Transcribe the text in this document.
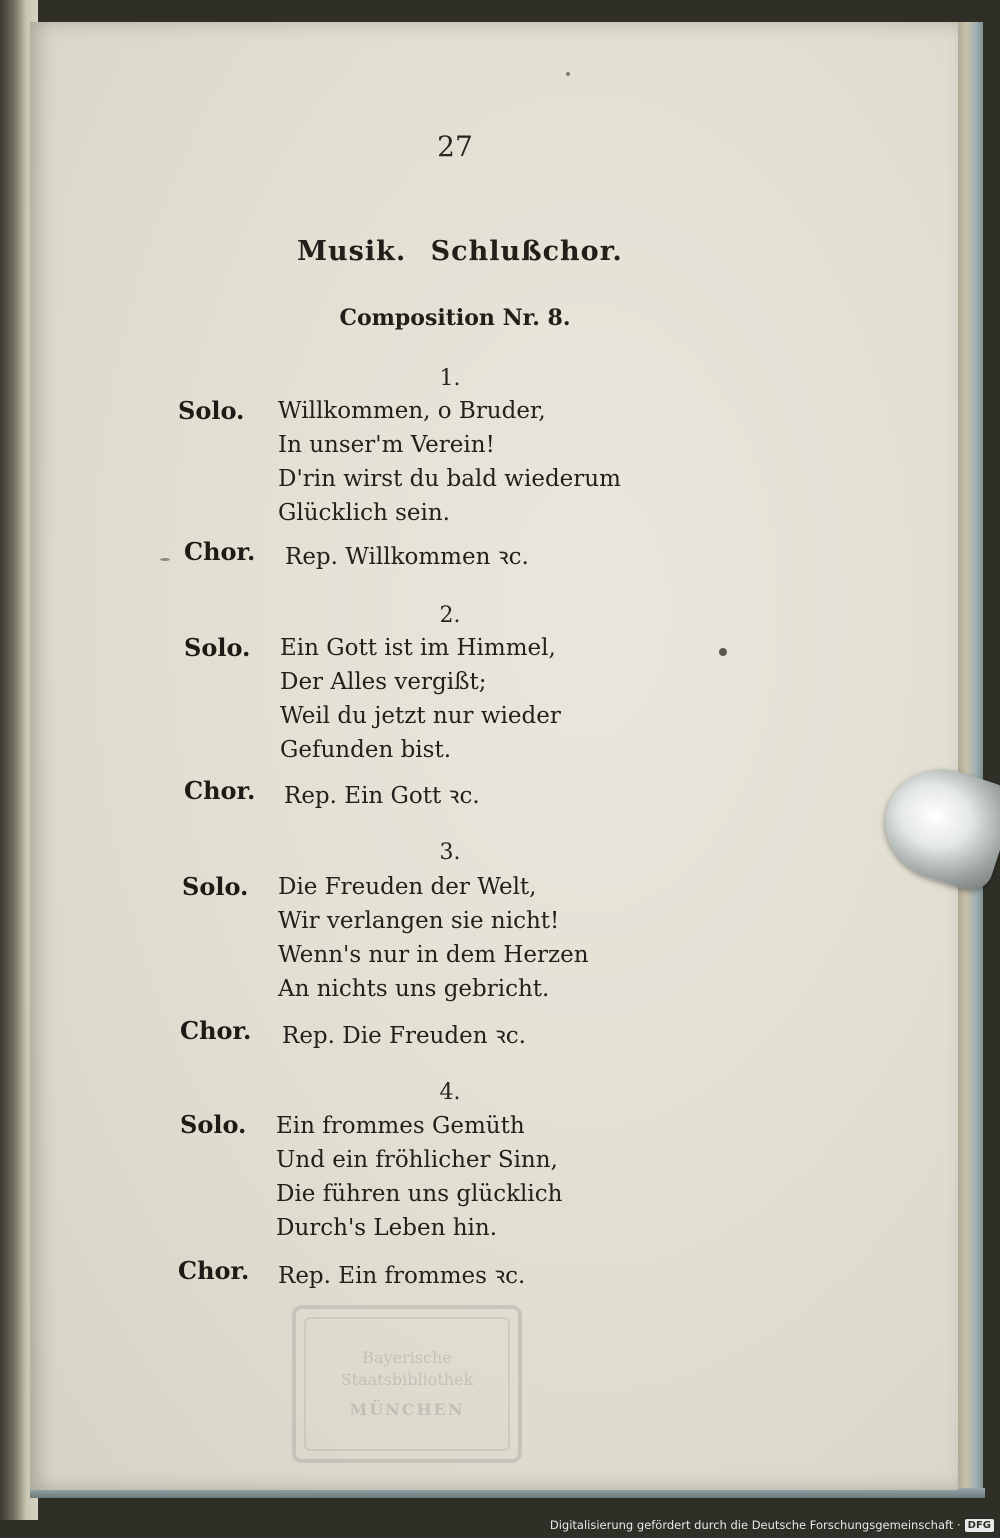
27
Musik. Schlußchor.
Composition Nr. 8.
1.
Solo.	Willkommen, o Bruder,
In unser'm Verein!
D'rin wirst du bald wiederum
Glücklich sein.
Chor.	Rep. Willkommen ꝛc.
2.
Solo.	Ein Gott ist im Himmel,
Der Alles vergißt;
Weil du jetzt nur wieder
Gefunden bist.
Chor.	Rep. Ein Gott ꝛc.
3.
Solo.	Die Freuden der Welt,
Wir verlangen sie nicht!
Wenn's nur in dem Herzen
An nichts uns gebricht.
Chor.	Rep. Die Freuden ꝛc.
4.
Solo.	Ein frommes Gemüth
Und ein fröhlicher Sinn,
Die führen uns glücklich
Durch's Leben hin.
Chor.	Rep. Ein frommes ꝛc.
Bayerische
Staatsbibliothek
MÜNCHEN
Digitalisierung gefördert durch die Deutsche Forschungsgemeinschaft · DFG
